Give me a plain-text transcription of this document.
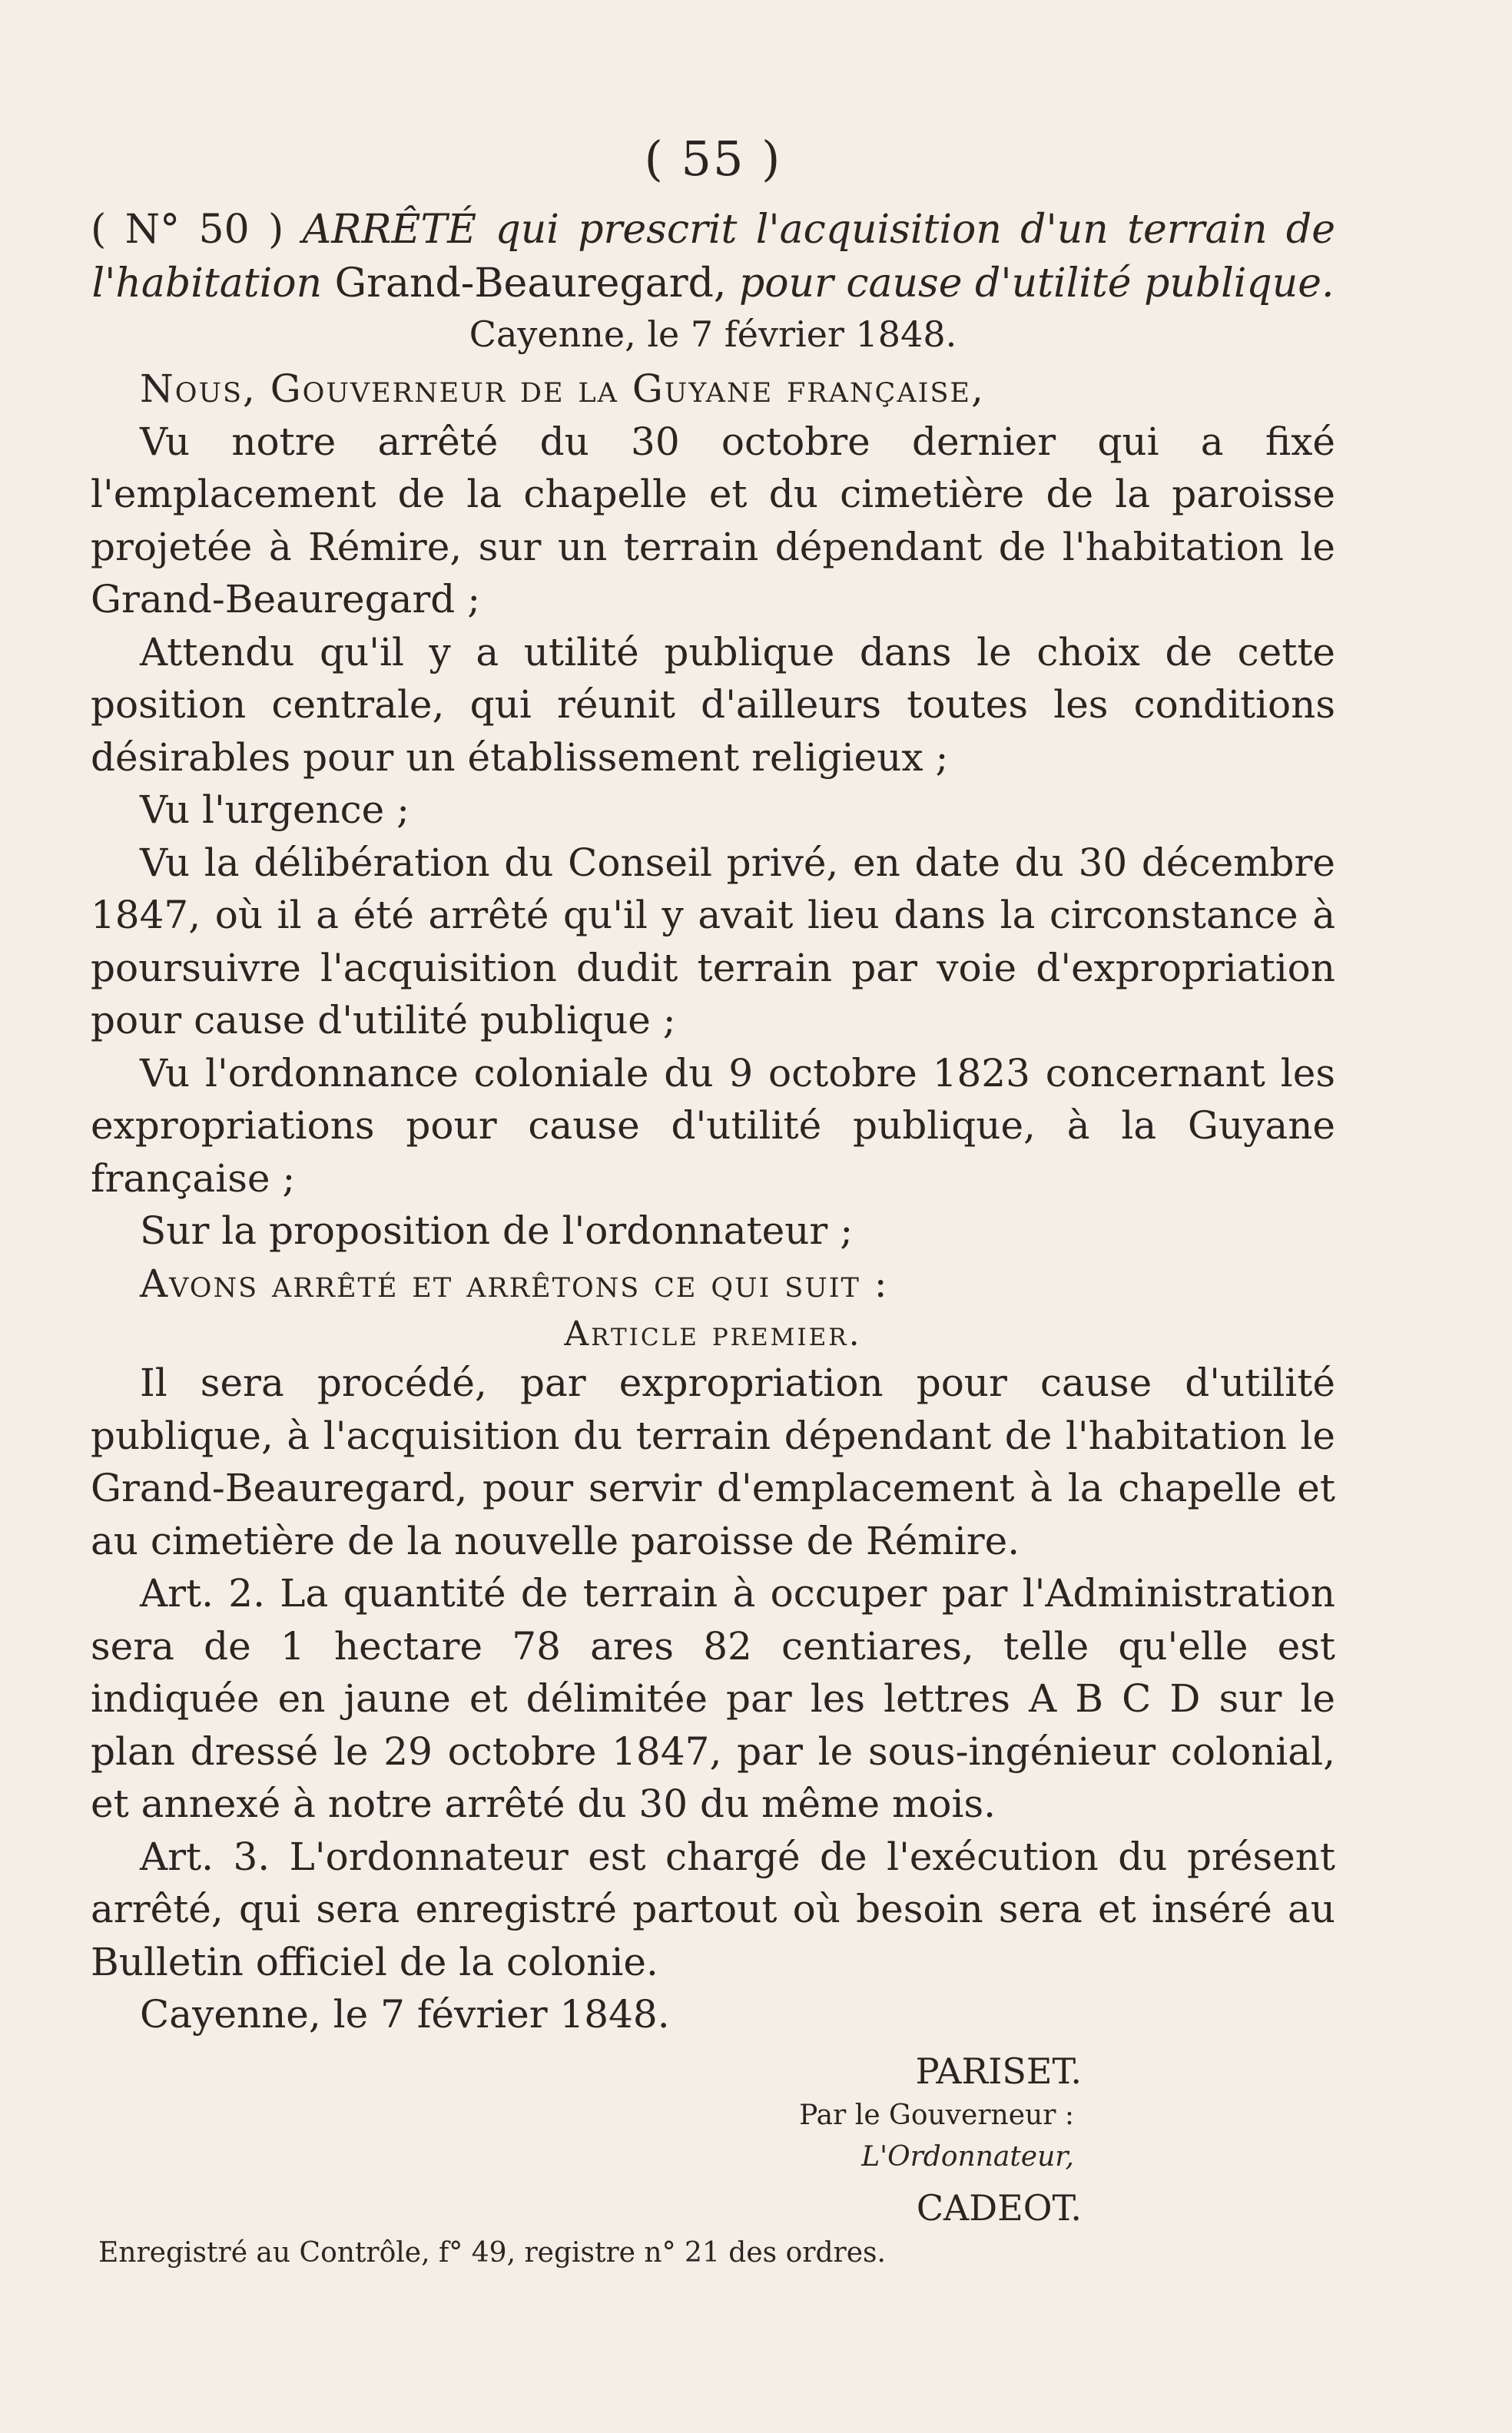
( 55 )
( N° 50 ) ARRÊTÉ qui prescrit l'acquisition d'un terrain de l'habitation Grand-Beauregard, pour cause d'utilité publique.
Cayenne, le 7 février 1848.

Nous, Gouverneur de la Guyane française,

Vu notre arrêté du 30 octobre dernier qui a fixé l'emplacement de la chapelle et du cimetière de la paroisse projetée à Rémire, sur un terrain dépendant de l'habitation le Grand-Beauregard ;

Attendu qu'il y a utilité publique dans le choix de cette position centrale, qui réunit d'ailleurs toutes les conditions désirables pour un établissement religieux ;

Vu l'urgence ;

Vu la délibération du Conseil privé, en date du 30 décembre 1847, où il a été arrêté qu'il y avait lieu dans la circonstance à poursuivre l'acquisition dudit terrain par voie d'expropriation pour cause d'utilité publique ;

Vu l'ordonnance coloniale du 9 octobre 1823 concernant les expropriations pour cause d'utilité publique, à la Guyane française ;

Sur la proposition de l'ordonnateur ;

Avons arrêté et arrêtons ce qui suit :

Article premier.

Il sera procédé, par expropriation pour cause d'utilité publique, à l'acquisition du terrain dépendant de l'habitation le Grand-Beauregard, pour servir d'emplacement à la chapelle et au cimetière de la nouvelle paroisse de Rémire.

Art. 2. La quantité de terrain à occuper par l'Administration sera de 1 hectare 78 ares 82 centiares, telle qu'elle est indiquée en jaune et délimitée par les lettres A B C D sur le plan dressé le 29 octobre 1847, par le sous-ingénieur colonial, et annexé à notre arrêté du 30 du même mois.

Art. 3. L'ordonnateur est chargé de l'exécution du présent arrêté, qui sera enregistré partout où besoin sera et inséré au Bulletin officiel de la colonie.

Cayenne, le 7 février 1848.

PARISET.
Par le Gouverneur :
L'Ordonnateur,
CADEOT.
Enregistré au Contrôle, f° 49, registre n° 21 des ordres.
